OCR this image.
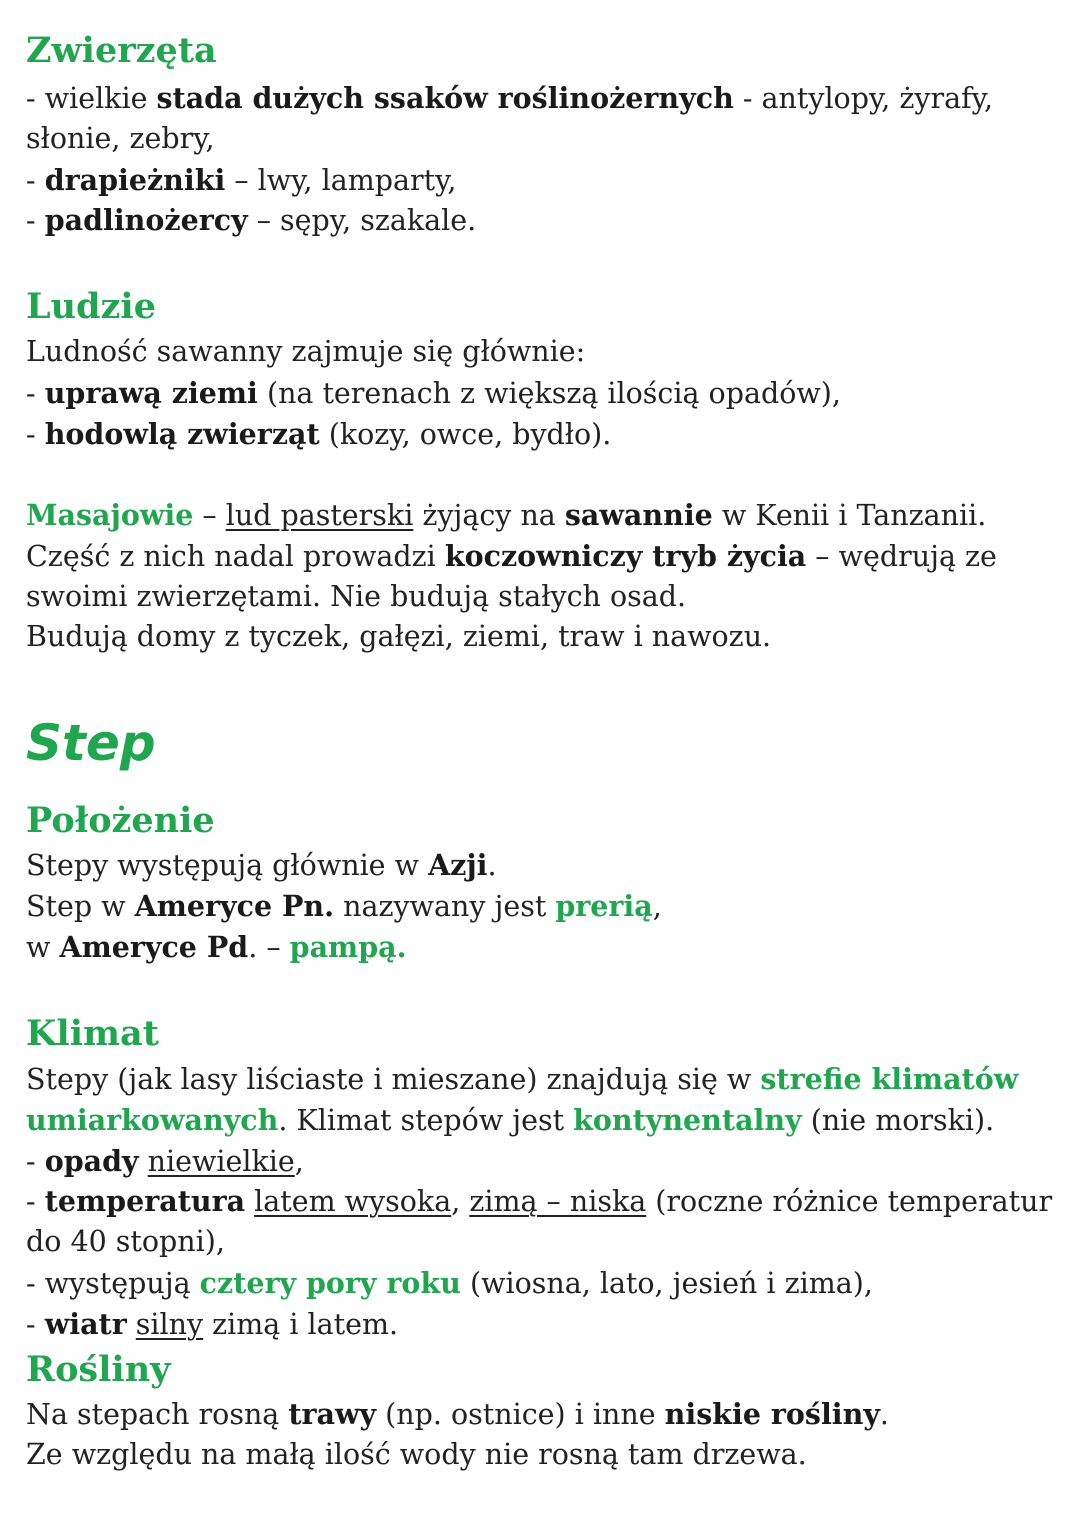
Zwierzęta
- wielkie stada dużych ssaków roślinożernych - antylopy, żyrafy,
słonie, zebry,
- drapieżniki – lwy, lamparty,
- padlinożercy – sępy, szakale.
Ludzie
Ludność sawanny zajmuje się głównie:
- uprawą ziemi (na terenach z większą ilością opadów),
- hodowlą zwierząt (kozy, owce, bydło).
Masajowie – lud pasterski żyjący na sawannie w Kenii i Tanzanii.
Część z nich nadal prowadzi koczowniczy tryb życia – wędrują ze
swoimi zwierzętami. Nie budują stałych osad.
Budują domy z tyczek, gałęzi, ziemi, traw i nawozu.
Step
Położenie
Stepy występują głównie w Azji.
Step w Ameryce Pn. nazywany jest prerią,
w Ameryce Pd. – pampą.
Klimat
Stepy (jak lasy liściaste i mieszane) znajdują się w strefie klimatów
umiarkowanych. Klimat stepów jest kontynentalny (nie morski).
- opady niewielkie,
- temperatura latem wysoka, zimą – niska (roczne różnice temperatur
do 40 stopni),
- występują cztery pory roku (wiosna, lato, jesień i zima),
- wiatr silny zimą i latem.
Rośliny
Na stepach rosną trawy (np. ostnice) i inne niskie rośliny.
Ze względu na małą ilość wody nie rosną tam drzewa.
